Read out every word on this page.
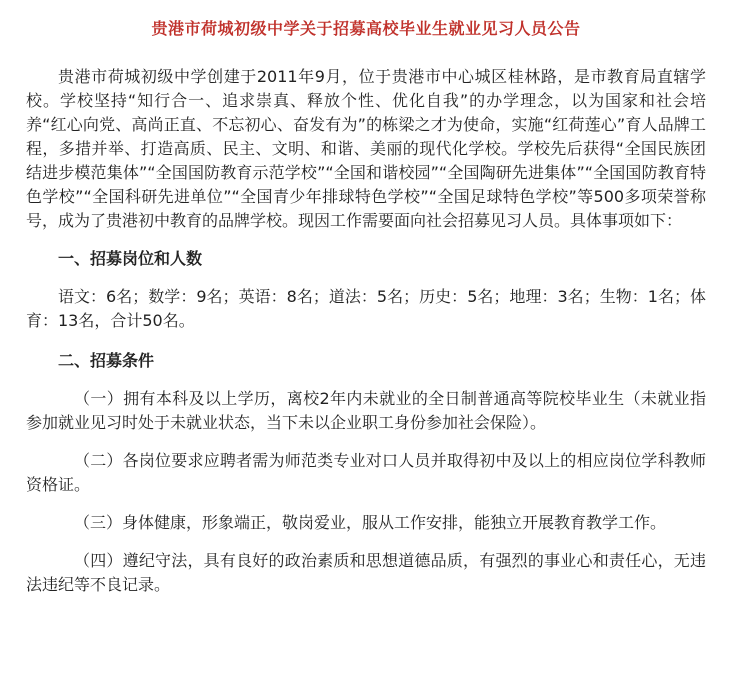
贵港市荷城初级中学关于招募高校毕业生就业见习人员公告

贵港市荷城初级中学创建于2011年9月，位于贵港市中心城区桂林路，是市教育局直辖学校。学校坚持“知行合一、追求崇真、释放个性、优化自我”的办学理念，以为国家和社会培养“红心向党、高尚正直、不忘初心、奋发有为”的栋梁之才为使命，实施“红荷莲心”育人品牌工程，多措并举、打造高质、民主、文明、和谐、美丽的现代化学校。学校先后获得“全国民族团结进步模范集体”“全国国防教育示范学校”“全国和谐校园”“全国陶研先进集体”“全国国防教育特色学校”“全国科研先进单位”“全国青少年排球特色学校”“全国足球特色学校”等500多项荣誉称号，成为了贵港初中教育的品牌学校。现因工作需要面向社会招募见习人员。具体事项如下：

一、招募岗位和人数

语文：6名；数学：9名；英语：8名；道法：5名；历史：5名；地理：3名；生物：1名；体育：13名，合计50名。

二、招募条件

（一）拥有本科及以上学历，离校2年内未就业的全日制普通高等院校毕业生（未就业指参加就业见习时处于未就业状态，当下未以企业职工身份参加社会保险）。

（二）各岗位要求应聘者需为师范类专业对口人员并取得初中及以上的相应岗位学科教师资格证。

（三）身体健康，形象端正，敬岗爱业，服从工作安排，能独立开展教育教学工作。

（四）遵纪守法，具有良好的政治素质和思想道德品质，有强烈的事业心和责任心，无违法违纪等不良记录。
